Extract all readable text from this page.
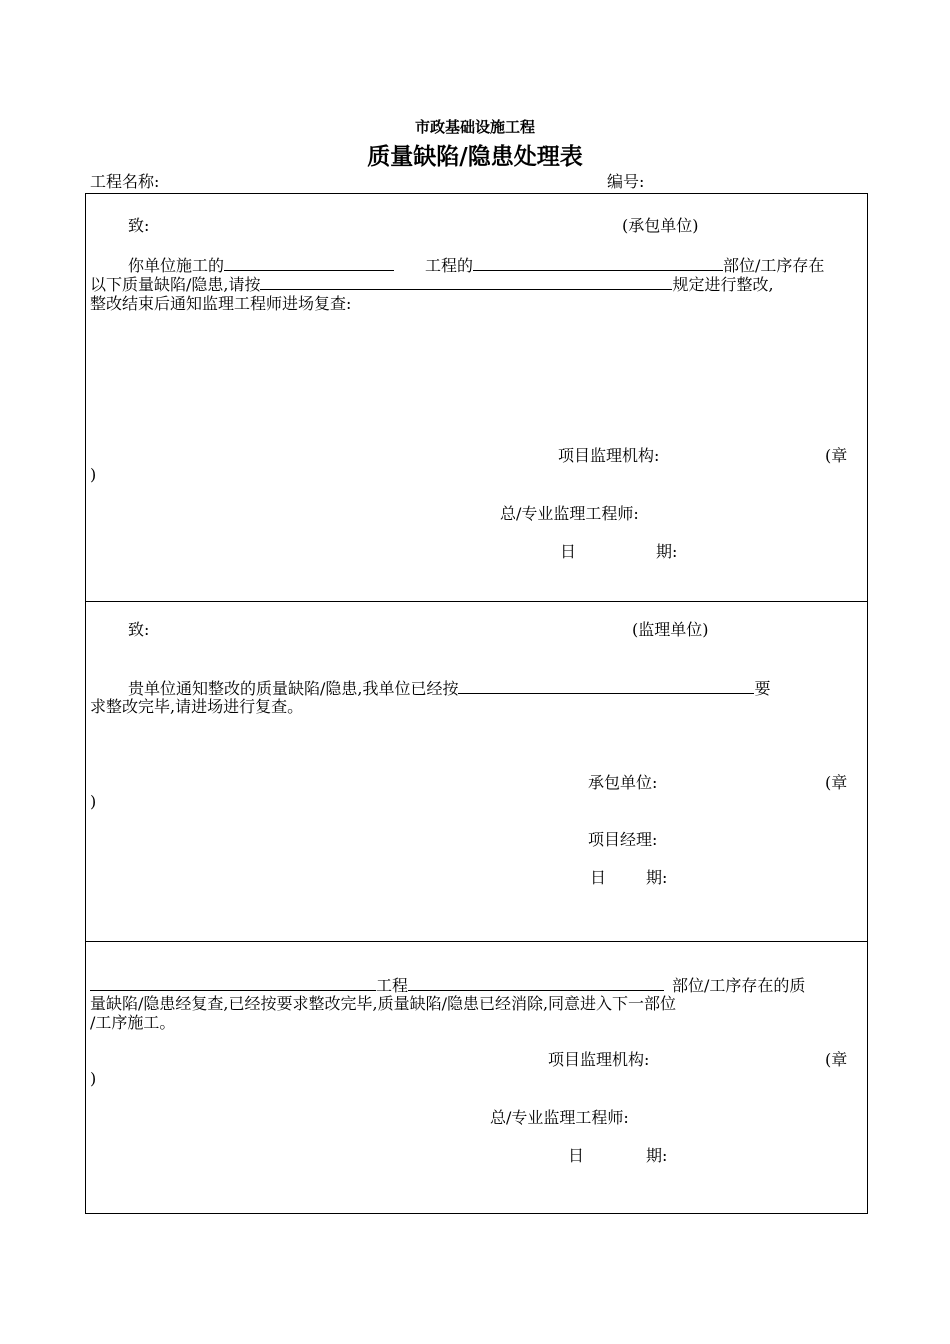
市政基础设施工程
质量缺陷/隐患处理表
工程名称:	编号:
致:	(承包单位)
你单位施工的	工程的	部位/工序存在
以下质量缺陷/隐患,请按	规定进行整改,
整改结束后通知监理工程师进场复查:
项目监理机构:	(章
)
总/专业监理工程师:
日	期:
致:	(监理单位)
贵单位通知整改的质量缺陷/隐患,我单位已经按	要
求整改完毕,请进场进行复查。
承包单位:	(章
)
项目经理:
日 期:
工程	部位/工序存在的质
量缺陷/隐患经复查,已经按要求整改完毕,质量缺陷/隐患已经消除,同意进入下一部位
/工序施工。
项目监理机构:	(章
)
总/专业监理工程师:
日	期:
